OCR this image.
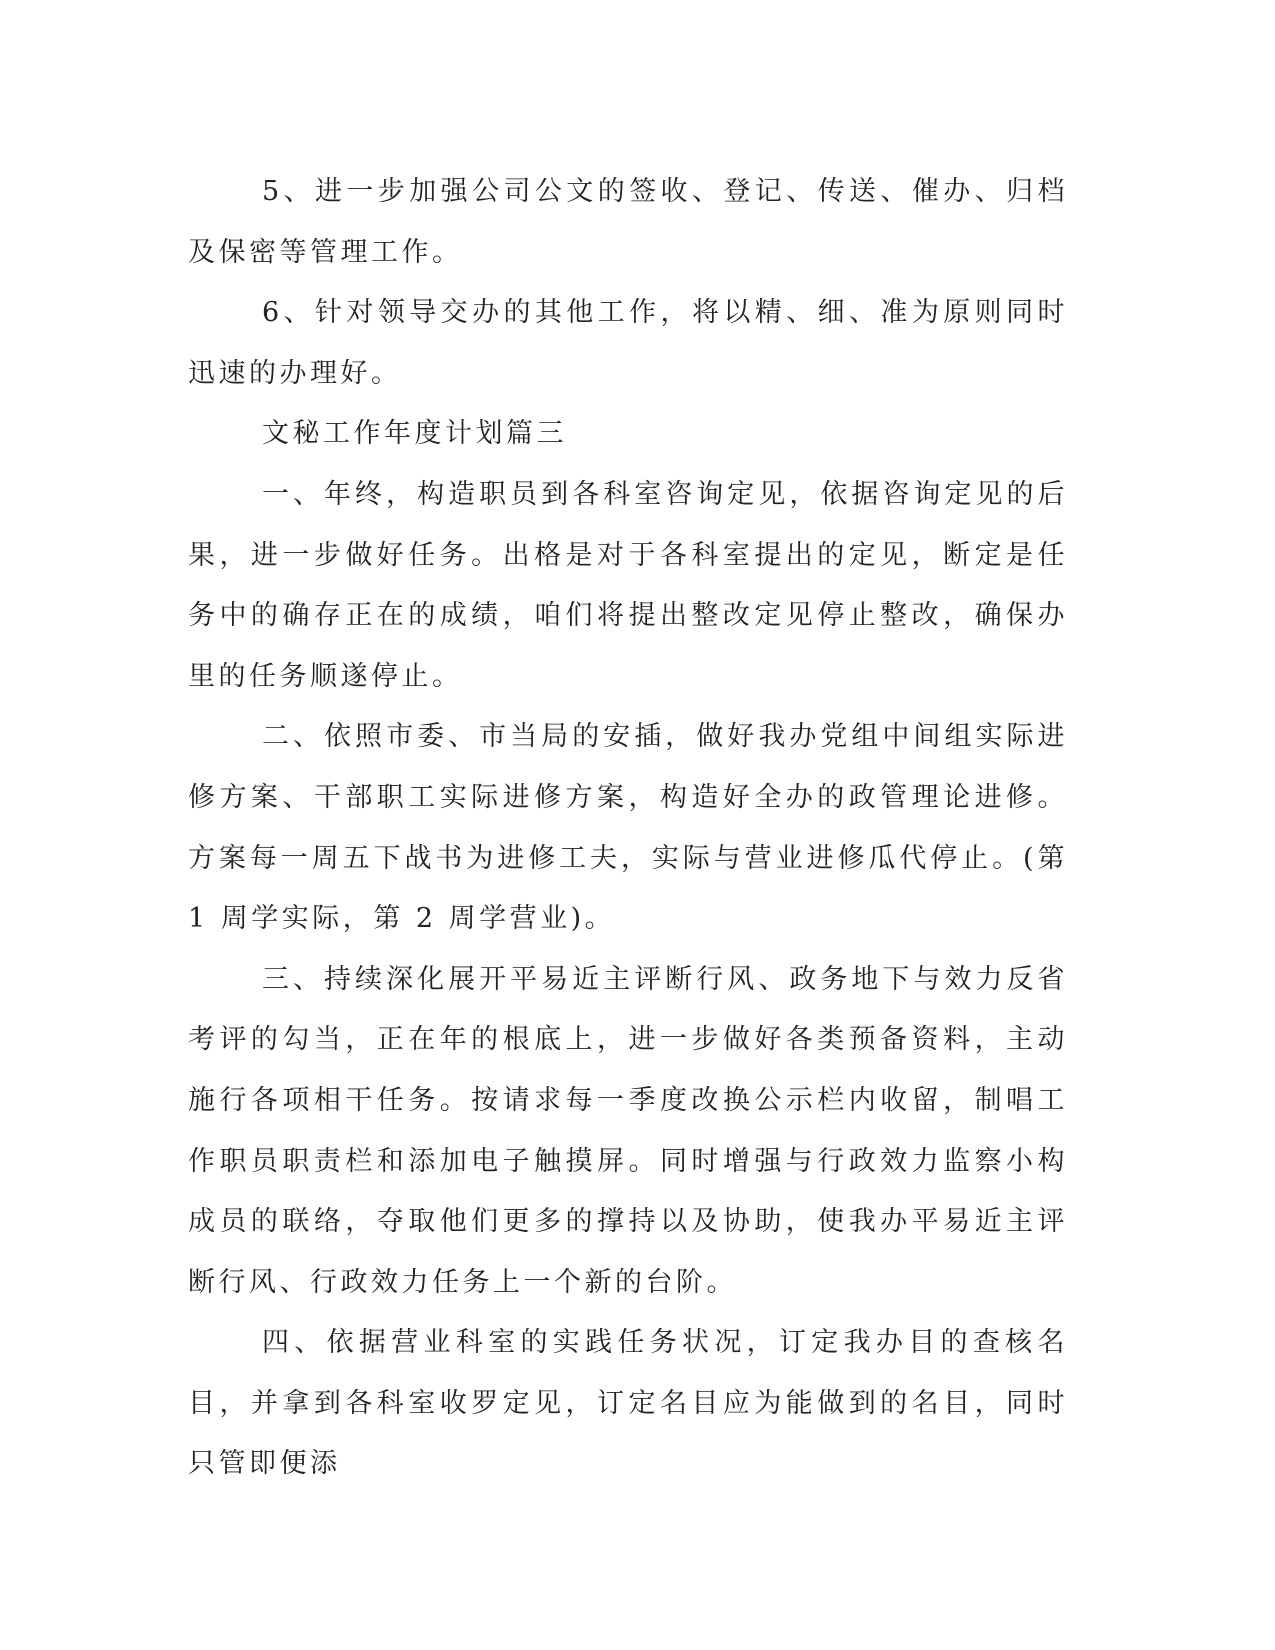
5、进一步加强公司公文的签收、登记、传送、催办、归档及保密等管理工作。

6、针对领导交办的其他工作，将以精、细、准为原则同时迅速的办理好。

文秘工作年度计划篇三

一、年终，构造职员到各科室咨询定见，依据咨询定见的后果，进一步做好任务。出格是对于各科室提出的定见，断定是任务中的确存正在的成绩，咱们将提出整改定见停止整改，确保办里的任务顺遂停止。

二、依照市委、市当局的安插，做好我办党组中间组实际进修方案、干部职工实际进修方案，构造好全办的政管理论进修。方案每一周五下战书为进修工夫，实际与营业进修瓜代停止。(第 1 周学实际，第 2 周学营业)。

三、持续深化展开平易近主评断行风、政务地下与效力反省考评的勾当，正在年的根底上，进一步做好各类预备资料，主动施行各项相干任务。按请求每一季度改换公示栏内收留，制唱工作职员职责栏和添加电子触摸屏。同时增强与行政效力监察小构成员的联络，夺取他们更多的撑持以及协助，使我办平易近主评断行风、行政效力任务上一个新的台阶。

四、依据营业科室的实践任务状况，订定我办目的查核名目，并拿到各科室收罗定见，订定名目应为能做到的名目，同时只管即便添
